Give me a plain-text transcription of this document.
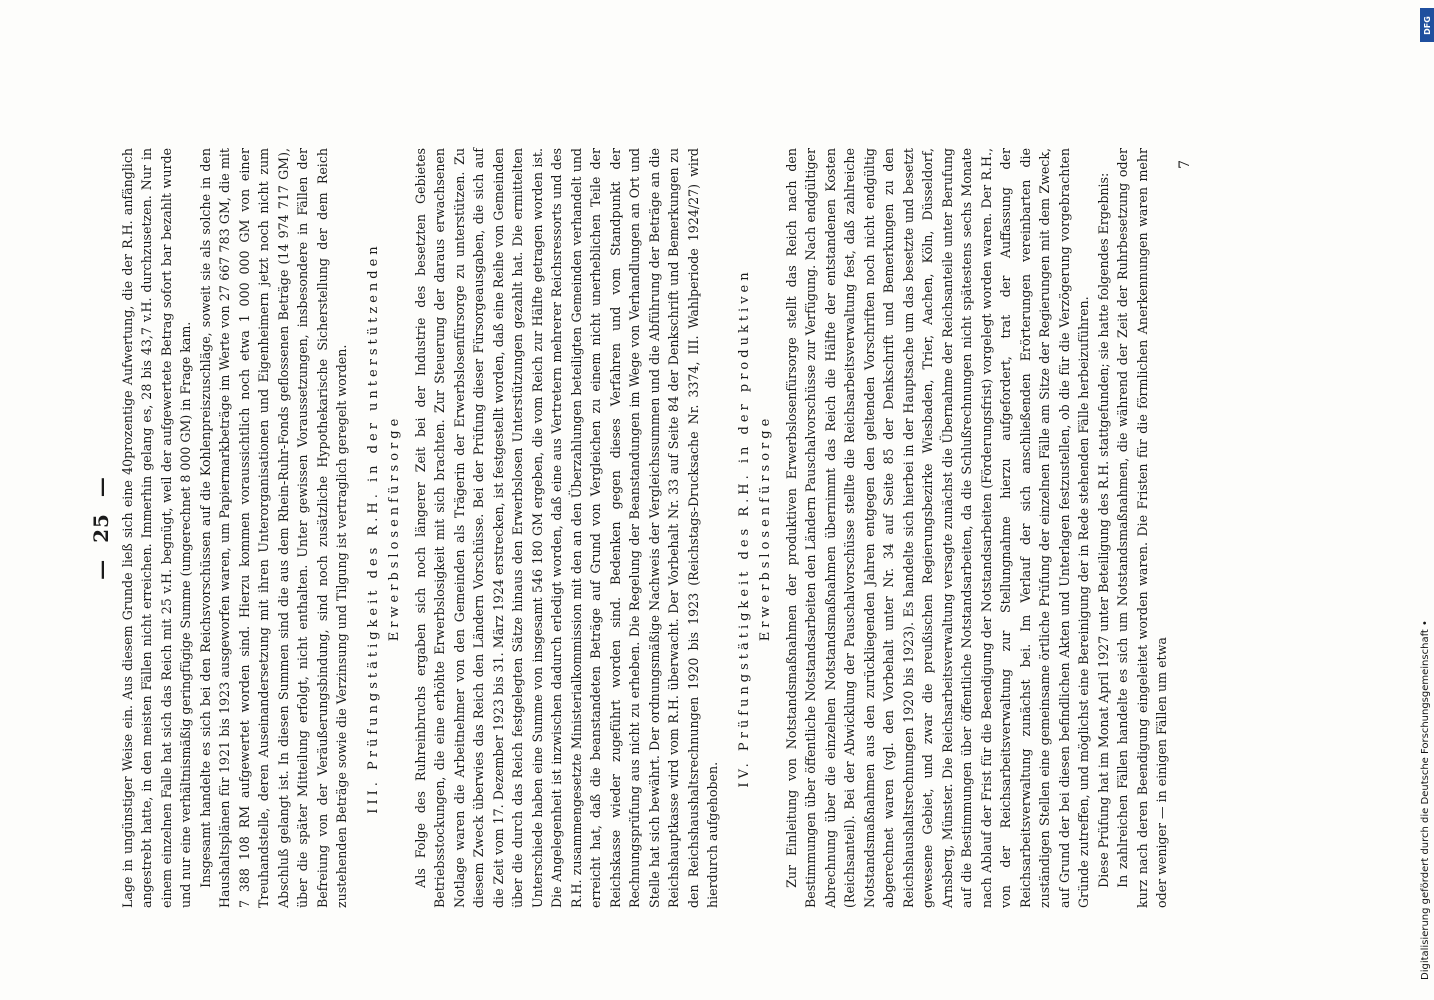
—25— Lage in ungünstiger Weise ein. Aus diesem Grunde ließ sich eine 40prozentige Aufwertung, die der R.H. anfänglich angestrebt hatte, in den meisten Fällen nicht erreichen. Immerhin gelang es, 28 bis 43,7 v.H. durchzusetzen. Nur in einem einzelnen Falle hat sich das Reich mit 25 v.H. begnügt, weil der aufgewertete Betrag sofort bar bezahlt wurde und nur eine verhältnismäßig geringfügige Summe (umgerechnet 8 000 GM) in Frage kam. Insgesamt handelte es sich bei den Reichsvorschüssen auf die Kohlenpreiszuschläge, soweit sie als solche in den Haushaltsplänen für 1921 bis 1923 ausgeworfen waren, um Papiermarkbeträge im Werte von 27 667 783 GM, die mit 7 388 108 RM aufgewertet worden sind. Hierzu kommen voraussichtlich noch etwa 1 000 000 GM von einer Treuhandstelle, deren Auseinandersetzung mit ihren Unterorganisationen und Eigenheimern jetzt noch nicht zum Abschluß gelangt ist. In diesen Summen sind die aus dem Rhein-Ruhr-Fonds geflossenen Beträge (14 974 717 GM), über die später Mitteilung erfolgt, nicht enthalten. Unter gewissen Voraussetzungen, insbesondere in Fällen der Befreiung von der Veräußerungsbindung, sind noch zusätzliche Hypothekarische Sicherstellung der dem Reich zustehenden Beträge sowie die Verzinsung und Tilgung ist vertraglich geregelt worden. III. Prüfungstätigkeit des R.H. in der unterstützenden Erwerbslosenfürsorge Als Folge des Ruhreinbruchs ergaben sich noch längerer Zeit bei der Industrie des besetzten Gebietes Betriebsstockungen, die eine erhöhte Erwerbslosigkeit mit sich brachten. Zur Steuerung der daraus erwachsenen Notlage waren die Arbeitnehmer von den Gemeinden als Trägerin der Erwerbslosenfürsorge zu unterstützen. Zu diesem Zweck überwies das Reich den Ländern Vorschüsse. Bei der Prüfung dieser Fürsorgeausgaben, die sich auf die Zeit vom 17. Dezember 1923 bis 31. März 1924 erstrecken, ist festgestellt worden, daß eine Reihe von Gemeinden über die durch das Reich festgelegten Sätze hinaus den Erwerbslosen Unterstützungen gezahlt hat. Die ermittelten Unterschiede haben eine Summe von insgesamt 546 180 GM ergeben, die vom Reich zur Hälfte getragen worden ist. Die Angelegenheit ist inzwischen dadurch erledigt worden, daß eine aus Vertretern mehrerer Reichsressorts und des R.H. zusammengesetzte Ministerialkommission mit den an den Überzahlungen beteiligten Gemeinden verhandelt und erreicht hat, daß die beanstandeten Beträge auf Grund von Vergleichen zu einem nicht unerheblichen Teile der Reichskasse wieder zugeführt worden sind. Bedenken gegen dieses Verfahren und vom Standpunkt der Rechnungsprüfung aus nicht zu erheben. Die Regelung der Beanstandungen im Wege von Verhandlungen an Ort und Stelle hat sich bewährt. Der ordnungsmäßige Nachweis der Vergleichssummen und die Abführung der Beträge an die Reichshauptkasse wird vom R.H. überwacht. Der Vorbehalt Nr. 33 auf Seite 84 der Denkschrift und Bemerkungen zu den Reichshaushaltsrechnungen 1920 bis 1923 (Reichstags-Drucksache Nr. 3374, III. Wahlperiode 1924/27) wird hierdurch aufgehoben.

IV. Prüfungstätigkeit des R.H. in der produktiven Erwerbslosenfürsorge Zur Einleitung von Notstandsmaßnahmen der produktiven Erwerbslosenfürsorge stellt das Reich nach den Bestimmungen über öffentliche Notstandsarbeiten den Ländern Pauschalvorschüsse zur Verfügung. Nach endgültiger Abrechnung über die einzelnen Notstandsmaßnahmen übernimmt das Reich die Hälfte der entstandenen Kosten (Reichsanteil). Bei der Abwicklung der Pauschalvorschüsse stellte die Reichsarbeitsverwaltung fest, daß zahlreiche Notstandsmaßnahmen aus den zurückliegenden Jahren entgegen den geltenden Vorschriften noch nicht endgültig abgerechnet waren (vgl. den Vorbehalt unter Nr. 34 auf Seite 85 der Denkschrift und Bemerkungen zu den Reichshaushaltsrechnungen 1920 bis 1923). Es handelte sich hierbei in der Hauptsache um das besetzte und besetzt gewesene Gebiet, und zwar die preußischen Regierungsbezirke Wiesbaden, Trier, Aachen, Köln, Düsseldorf, Arnsberg, Münster. Die Reichsarbeitsverwaltung versagte zunächst die Übernahme der Reichsanteile unter Berufung auf die Bestimmungen über öffentliche Notstandsarbeiten, da die Schlußrechnungen nicht spätestens sechs Monate nach Ablauf der Frist für die Beendigung der Notstandsarbeiten (Förderungsfrist) vorgelegt worden waren. Der R.H., von der Reichsarbeitsverwaltung zur Stellungnahme hierzu aufgefordert, trat der Auffassung der Reichsarbeitsverwaltung zunächst bei. Im Verlauf der sich anschließenden Erörterungen vereinbarten die zuständigen Stellen eine gemeinsame örtliche Prüfung der einzelnen Fälle am Sitze der Regierungen mit dem Zweck, auf Grund der bei diesen befindlichen Akten und Unterlagen festzustellen, ob die für die Verzögerung vorgebrachten Gründe zutreffen, und möglichst eine Bereinigung der in Rede stehenden Fälle herbeizuführen. Diese Prüfung hat im Monat April 1927 unter Beteiligung des R.H. stattgefunden; sie hatte folgendes Ergebnis: In zahlreichen Fällen handelte es sich um Notstandsmaßnahmen, die während der Zeit der Ruhrbesetzung oder kurz nach deren Beendigung eingeleitet worden waren. Die Fristen für die förmlichen Anerkennungen waren mehr oder weniger — in einigen Fällen um etwa

7
Digitalisierung gefördert durch die Deutsche Forschungsgemeinschaft •
DFG
